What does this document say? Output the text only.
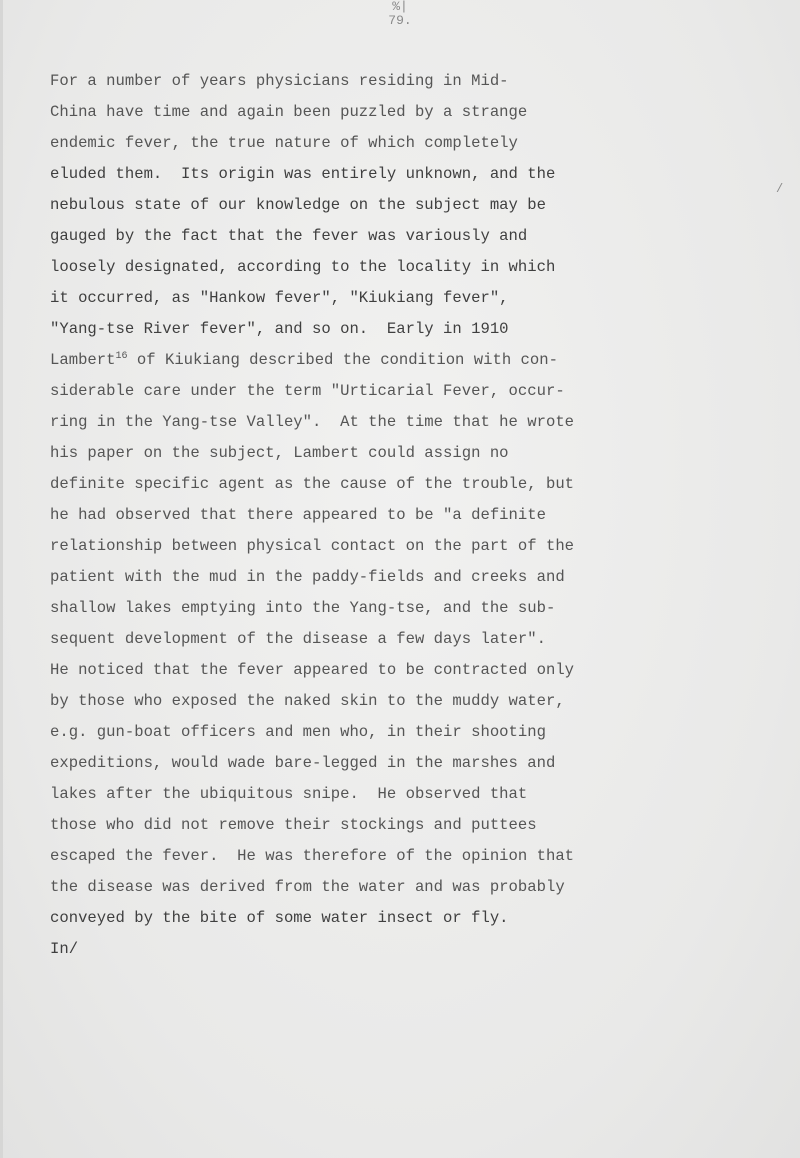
%|
79.
/
For a number of years physicians residing in Mid-
China have time and again been puzzled by a strange
endemic fever, the true nature of which completely
eluded them.  Its origin was entirely unknown, and the
nebulous state of our knowledge on the subject may be
gauged by the fact that the fever was variously and
loosely designated, according to the locality in which
it occurred, as "Hankow fever", "Kiukiang fever",
"Yang-tse River fever", and so on.  Early in 1910
Lambert$^{16}$ of Kiukiang described the condition with con-
siderable care under the term "Urticarial Fever, occur-
ring in the Yang-tse Valley".  At the time that he wrote
his paper on the subject, Lambert could assign no
definite specific agent as the cause of the trouble, but
he had observed that there appeared to be "a definite
relationship between physical contact on the part of the
patient with the mud in the paddy-fields and creeks and
shallow lakes emptying into the Yang-tse, and the sub-
sequent development of the disease a few days later".
He noticed that the fever appeared to be contracted only
by those who exposed the naked skin to the muddy water,
e.g. gun-boat officers and men who, in their shooting
expeditions, would wade bare-legged in the marshes and
lakes after the ubiquitous snipe.  He observed that
those who did not remove their stockings and puttees
escaped the fever.  He was therefore of the opinion that
the disease was derived from the water and was probably
conveyed by the bite of some water insect or fly.
In/
